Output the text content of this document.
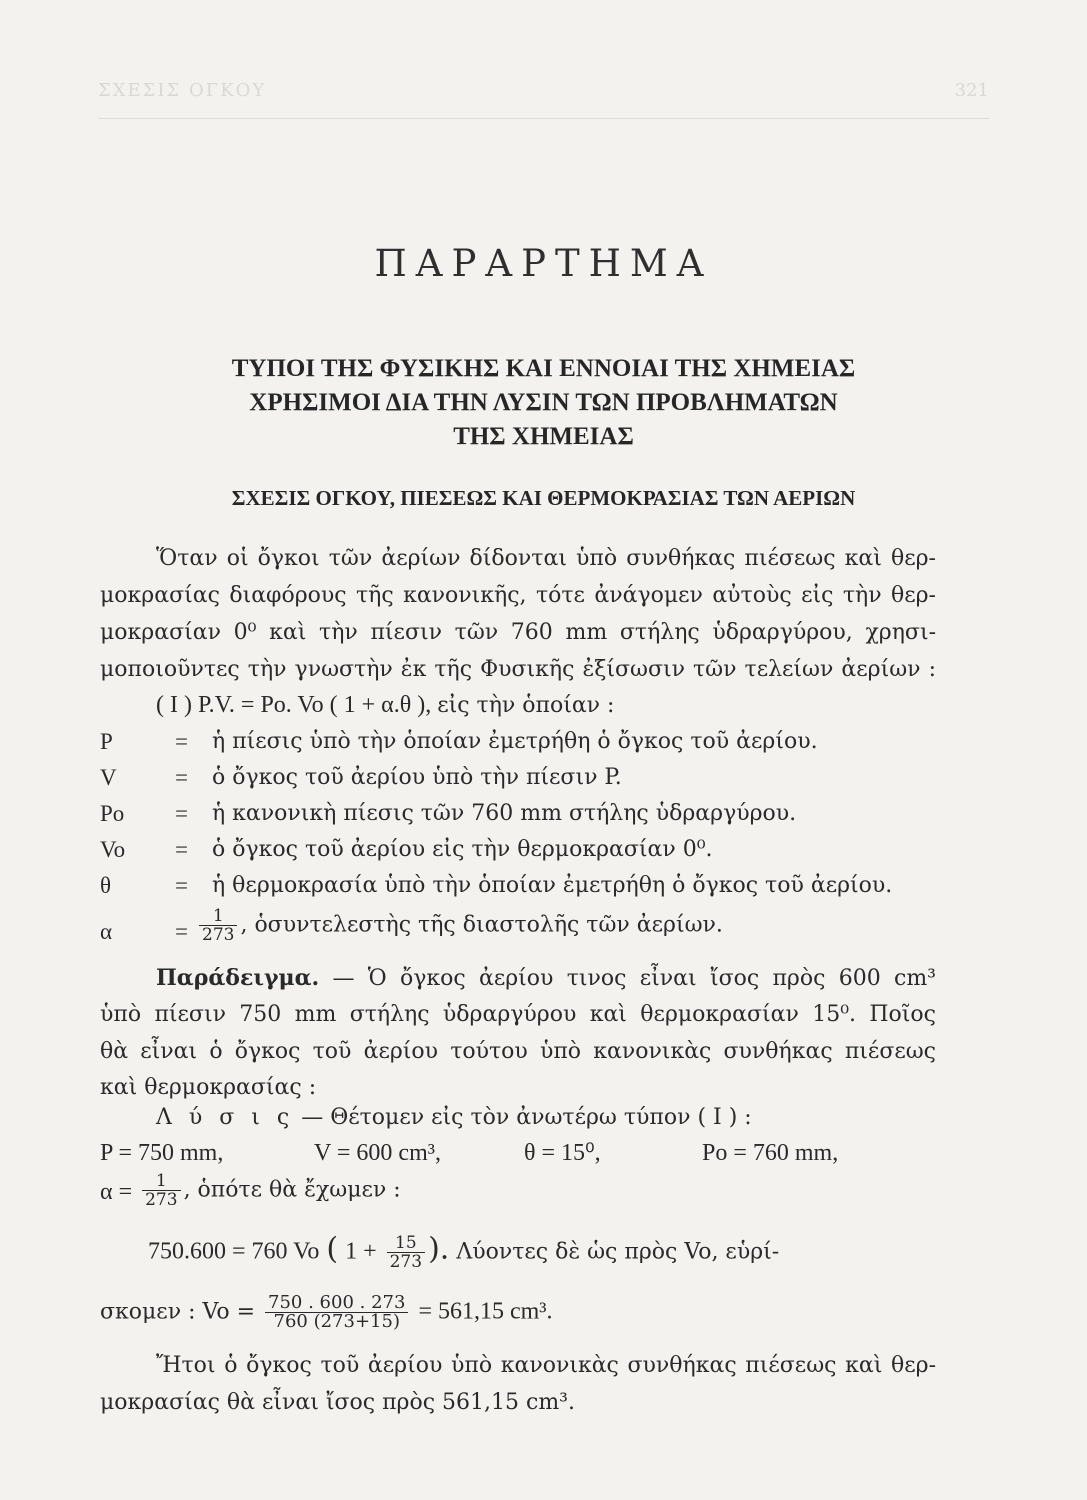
ΣΧΕΣΙΣ ΟΓΚΟΥ	321
ΠΑΡΑΡΤΗΜΑ
ΤΥΠΟΙ ΤΗΣ ΦΥΣΙΚΗΣ ΚΑΙ ΕΝΝΟΙΑΙ ΤΗΣ ΧΗΜΕΙΑΣ
ΧΡΗΣΙΜΟΙ ΔΙΑ ΤΗΝ ΛΥΣΙΝ ΤΩΝ ΠΡΟΒΛΗΜΑΤΩΝ
ΤΗΣ ΧΗΜΕΙΑΣ
ΣΧΕΣΙΣ ΟΓΚΟΥ, ΠΙΕΣΕΩΣ ΚΑΙ ΘΕΡΜΟΚΡΑΣΙΑΣ ΤΩΝ ΑΕΡΙΩΝ
Ὅταν οἱ ὄγκοι τῶν ἀερίων δίδονται ὑπὸ συνθήκας πιέσεως καὶ θερ-
μοκρασίας διαφόρους τῆς κανονικῆς, τότε ἀνάγομεν αὐτοὺς εἰς τὴν θερ-
μοκρασίαν 0⁰ καὶ τὴν πίεσιν τῶν 760 mm στήλης ὑδραργύρου, χρησι-
μοποιοῦντες τὴν γνωστὴν ἐκ τῆς Φυσικῆς ἐξίσωσιν τῶν τελείων ἀερίων :
( I ) P.V. = Po. Vo ( 1 + α.θ ), εἰς τὴν ὁποίαν :
P	= ἡ πίεσις ὑπὸ τὴν ὁποίαν ἐμετρήθη ὁ ὄγκος τοῦ ἀερίου.
V	= ὁ ὄγκος τοῦ ἀερίου ὑπὸ τὴν πίεσιν P.
Po = ἡ κανονικὴ πίεσις τῶν 760 mm στήλης ὑδραργύρου.
Vo = ὁ ὄγκος τοῦ ἀερίου εἰς τὴν θερμοκρασίαν 0⁰.
θ	= ἡ θερμοκρασία ὑπὸ τὴν ὁποίαν ἐμετρήθη ὁ ὄγκος τοῦ ἀερίου.
α	= $\frac{1}{273}$ , ὁσυντελεστὴς τῆς διαστολῆς τῶν ἀερίων.
Παράδειγμα. — Ὁ ὄγκος ἀερίου τινος εἶναι ἴσος πρὸς 600 cm³
ὑπὸ πίεσιν 750 mm στήλης ὑδραργύρου καὶ θερμοκρασίαν 15⁰. Ποῖος
θὰ εἶναι ὁ ὄγκος τοῦ ἀερίου τούτου ὑπὸ κανονικὰς συνθήκας πιέσεως
καὶ θερμοκρασίας :
Λ ύ σ ι ς — Θέτομεν εἰς τὸν ἀνωτέρω τύπον ( I ) :
P = 750 mm,	V = 600 cm³,	θ = 15⁰,	Po = 760 mm,
$\alpha = \frac{1}{273}$ , ὁπότε θὰ ἔχωμεν :
750.600 = 760 Vo ( $1 + \frac{15}{273}$ ). Λύοντες δὲ ὡς πρὸς Vo, εὑρί-
σκομεν : $Vo = \frac{750 . 600 . 273}{760 (273+15)} = 561,15$ cm³.
Ἤτοι ὁ ὄγκος τοῦ ἀερίου ὑπὸ κανονικὰς συνθήκας πιέσεως καὶ θερ-
μοκρασίας θὰ εἶναι ἴσος πρὸς 561,15 cm³.
